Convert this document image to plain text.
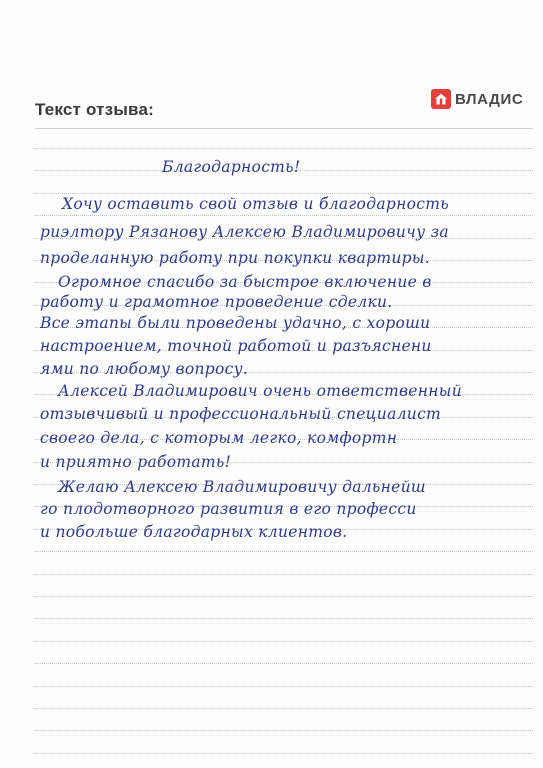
Текст отзыва:
ВЛАДИС
Благодарность!
Хочу оставить свой отзыв и благодарность
риэлтору Рязанову Алексею Владимировичу за
проделанную работу при покупки квартиры.
Огромное спасибо за быстрое включение в
работу и грамотное проведение сделки.
Все этапы были проведены удачно, с хороши
настроением, точной работой и разъяснени
ями по любому вопросу.
Алексей Владимирович очень ответственный
отзывчивый и профессиональный специалист
своего дела, с которым легко, комфортн
и приятно работать!
Желаю Алексею Владимировичу дальнейш
го плодотворного развития в его професси
и побольше благодарных клиентов.
